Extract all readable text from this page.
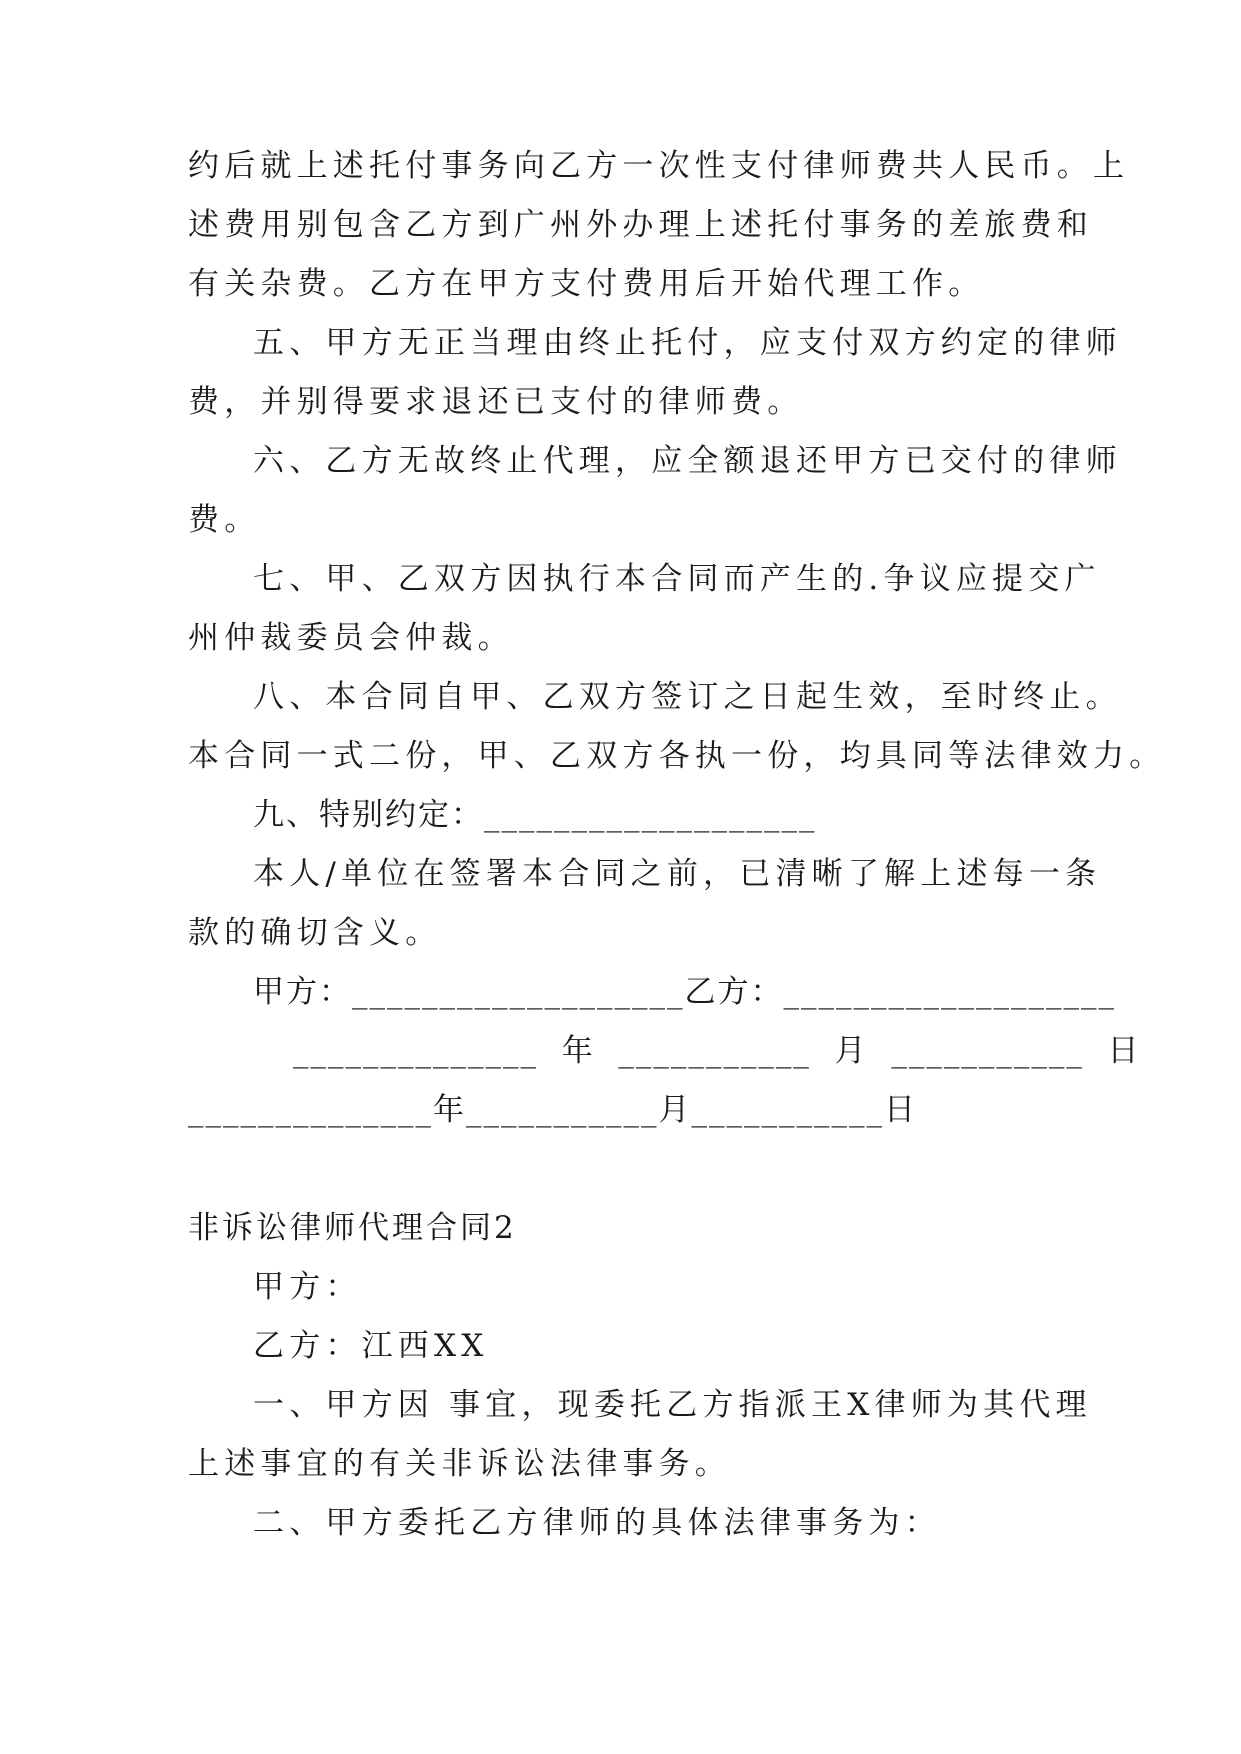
约后就上述托付事务向乙方一次性支付律师费共人民币。上
述费用别包含乙方到广州外办理上述托付事务的差旅费和
有关杂费。乙方在甲方支付费用后开始代理工作。
五、甲方无正当理由终止托付，应支付双方约定的律师
费，并别得要求退还已支付的律师费。
六、乙方无故终止代理，应全额退还甲方已交付的律师
费。
七、甲、乙双方因执行本合同而产生的.争议应提交广
州仲裁委员会仲裁。
八、本合同自甲、乙双方签订之日起生效，至时终止。
本合同一式二份，甲、乙双方各执一份，均具同等法律效力。
九、特别约定：___________________
本人/单位在签署本合同之前，已清晰了解上述每一条
款的确切含义。
甲方：___________________乙方：___________________
______________  年  ___________  月  ___________  日
______________年___________月___________日
非诉讼律师代理合同2
甲方：
乙方：江西XX
一、甲方因 事宜，现委托乙方指派王X律师为其代理
上述事宜的有关非诉讼法律事务。
二、甲方委托乙方律师的具体法律事务为：
